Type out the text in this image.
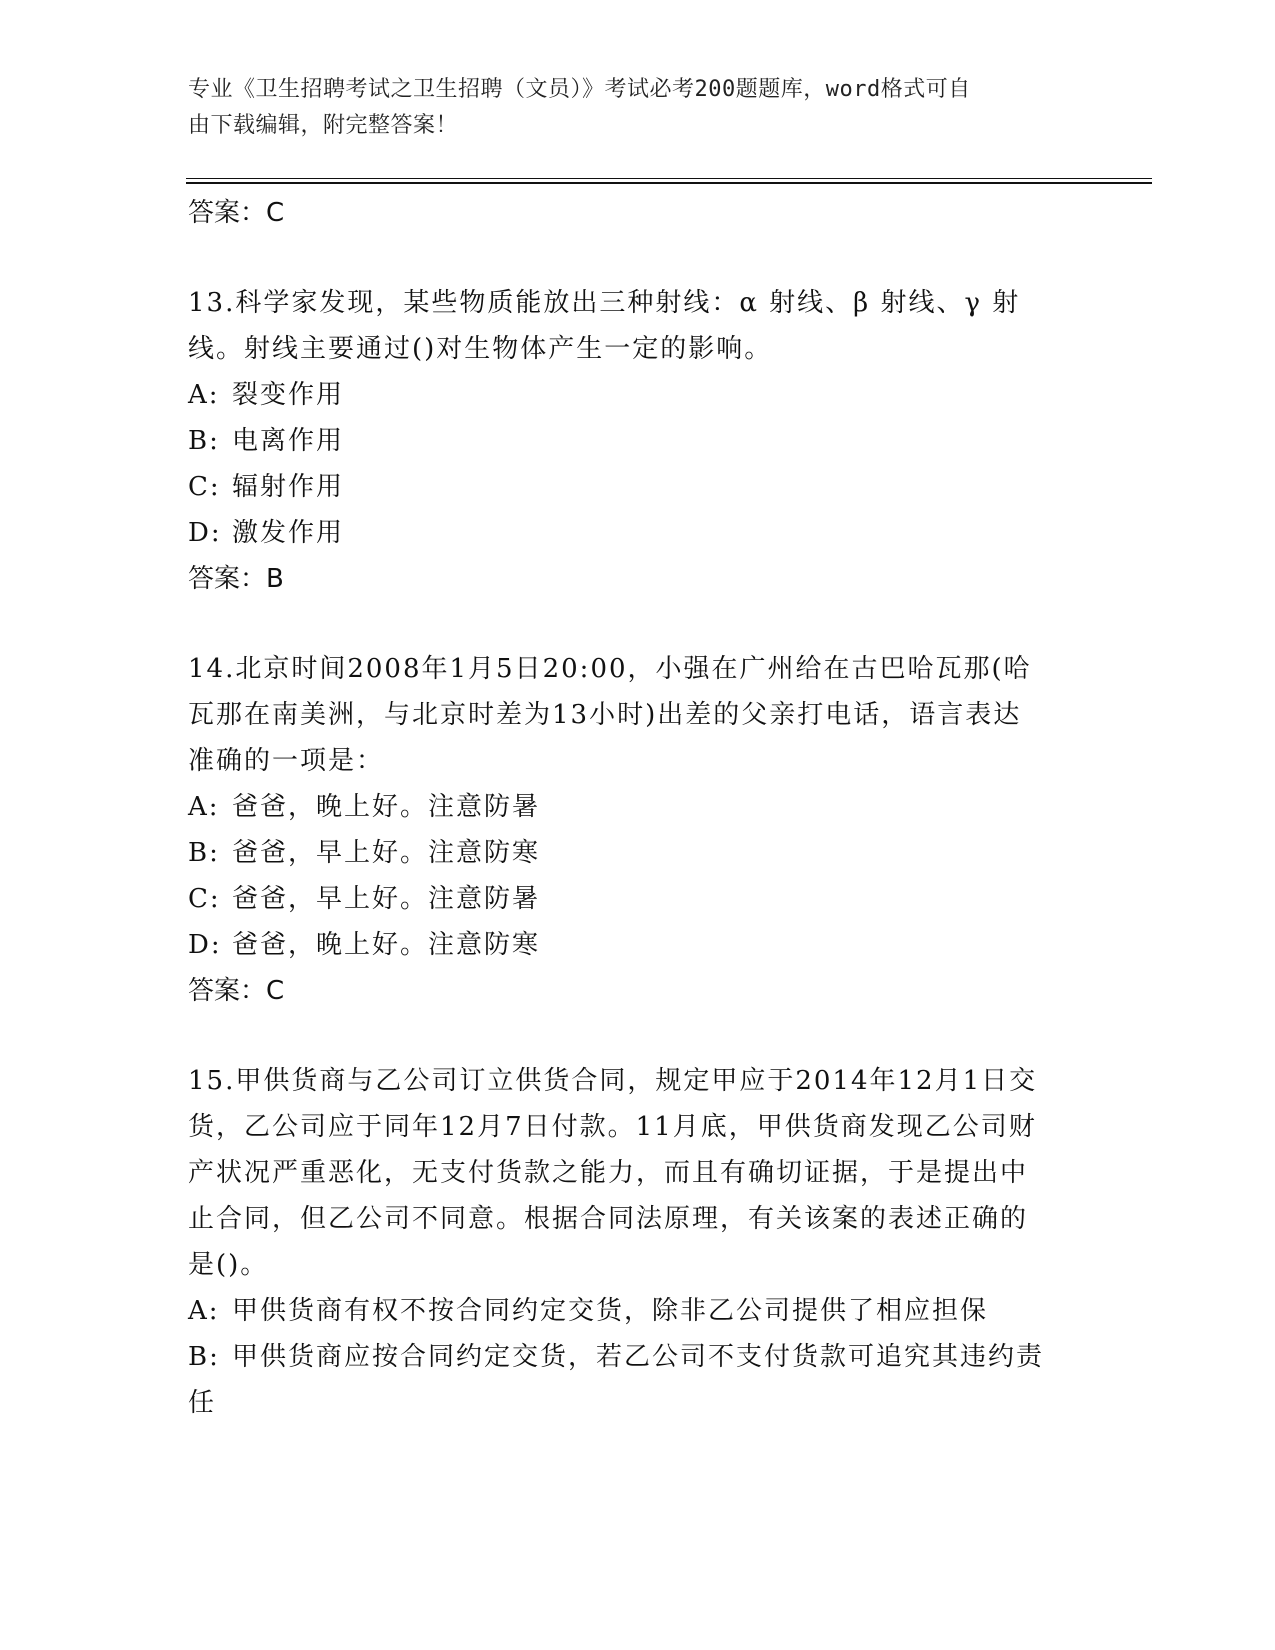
专业《卫生招聘考试之卫生招聘（文员）》考试必考200题题库，word格式可自
由下载编辑，附完整答案！
答案：C
13.科学家发现，某些物质能放出三种射线：α 射线、β 射线、γ 射
线。射线主要通过()对生物体产生一定的影响。
A: 裂变作用
B: 电离作用
C: 辐射作用
D: 激发作用
答案：B
14.北京时间2008年1月5日20:00，小强在广州给在古巴哈瓦那(哈
瓦那在南美洲，与北京时差为13小时)出差的父亲打电话，语言表达
准确的一项是：
A: 爸爸，晚上好。注意防暑
B: 爸爸，早上好。注意防寒
C: 爸爸，早上好。注意防暑
D: 爸爸，晚上好。注意防寒
答案：C
15.甲供货商与乙公司订立供货合同，规定甲应于2014年12月1日交
货，乙公司应于同年12月7日付款。11月底，甲供货商发现乙公司财
产状况严重恶化，无支付货款之能力，而且有确切证据，于是提出中
止合同，但乙公司不同意。根据合同法原理，有关该案的表述正确的
是()。
A: 甲供货商有权不按合同约定交货，除非乙公司提供了相应担保
B: 甲供货商应按合同约定交货，若乙公司不支付货款可追究其违约责
任
